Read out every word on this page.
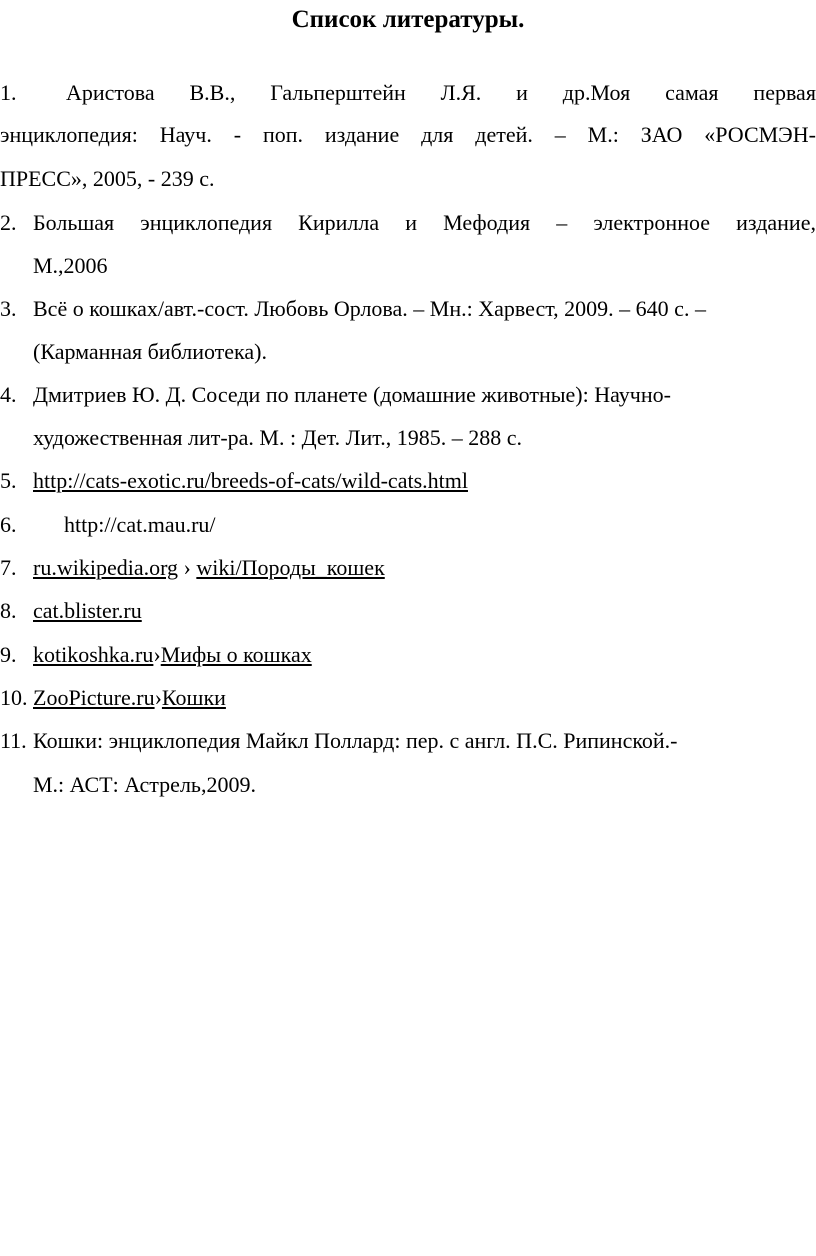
Список литературы.
1. Аристова В.В., Гальперштейн Л.Я. и др.Моя самая первая
энциклопедия: Науч. - поп. издание для детей. – М.: ЗАО «РОСМЭН-
ПРЕСС», 2005, - 239 с.
2. Большая энциклопедия Кирилла и Мефодия – электронное издание,
М.,2006
3. Всё о кошках/авт.-сост. Любовь Орлова. – Мн.: Харвест, 2009. – 640 с. –
(Карманная библиотека).
4. Дмитриев Ю. Д. Соседи по планете (домашние животные): Научно-
художественная лит-ра. М. : Дет. Лит., 1985. – 288 с.
5. http://cats-exotic.ru/breeds-of-cats/wild-cats.html
6. http://cat.mau.ru/
7. ru.wikipedia.org › wiki/Породы_кошек
8. cat.blister.ru
9. kotikoshka.ru›Мифы о кошках
10. ZooPicture.ru›Кошки
11. Кошки: энциклопедия Майкл Поллард: пер. с англ. П.С. Рипинской.-
М.: АСТ: Астрель,2009.
